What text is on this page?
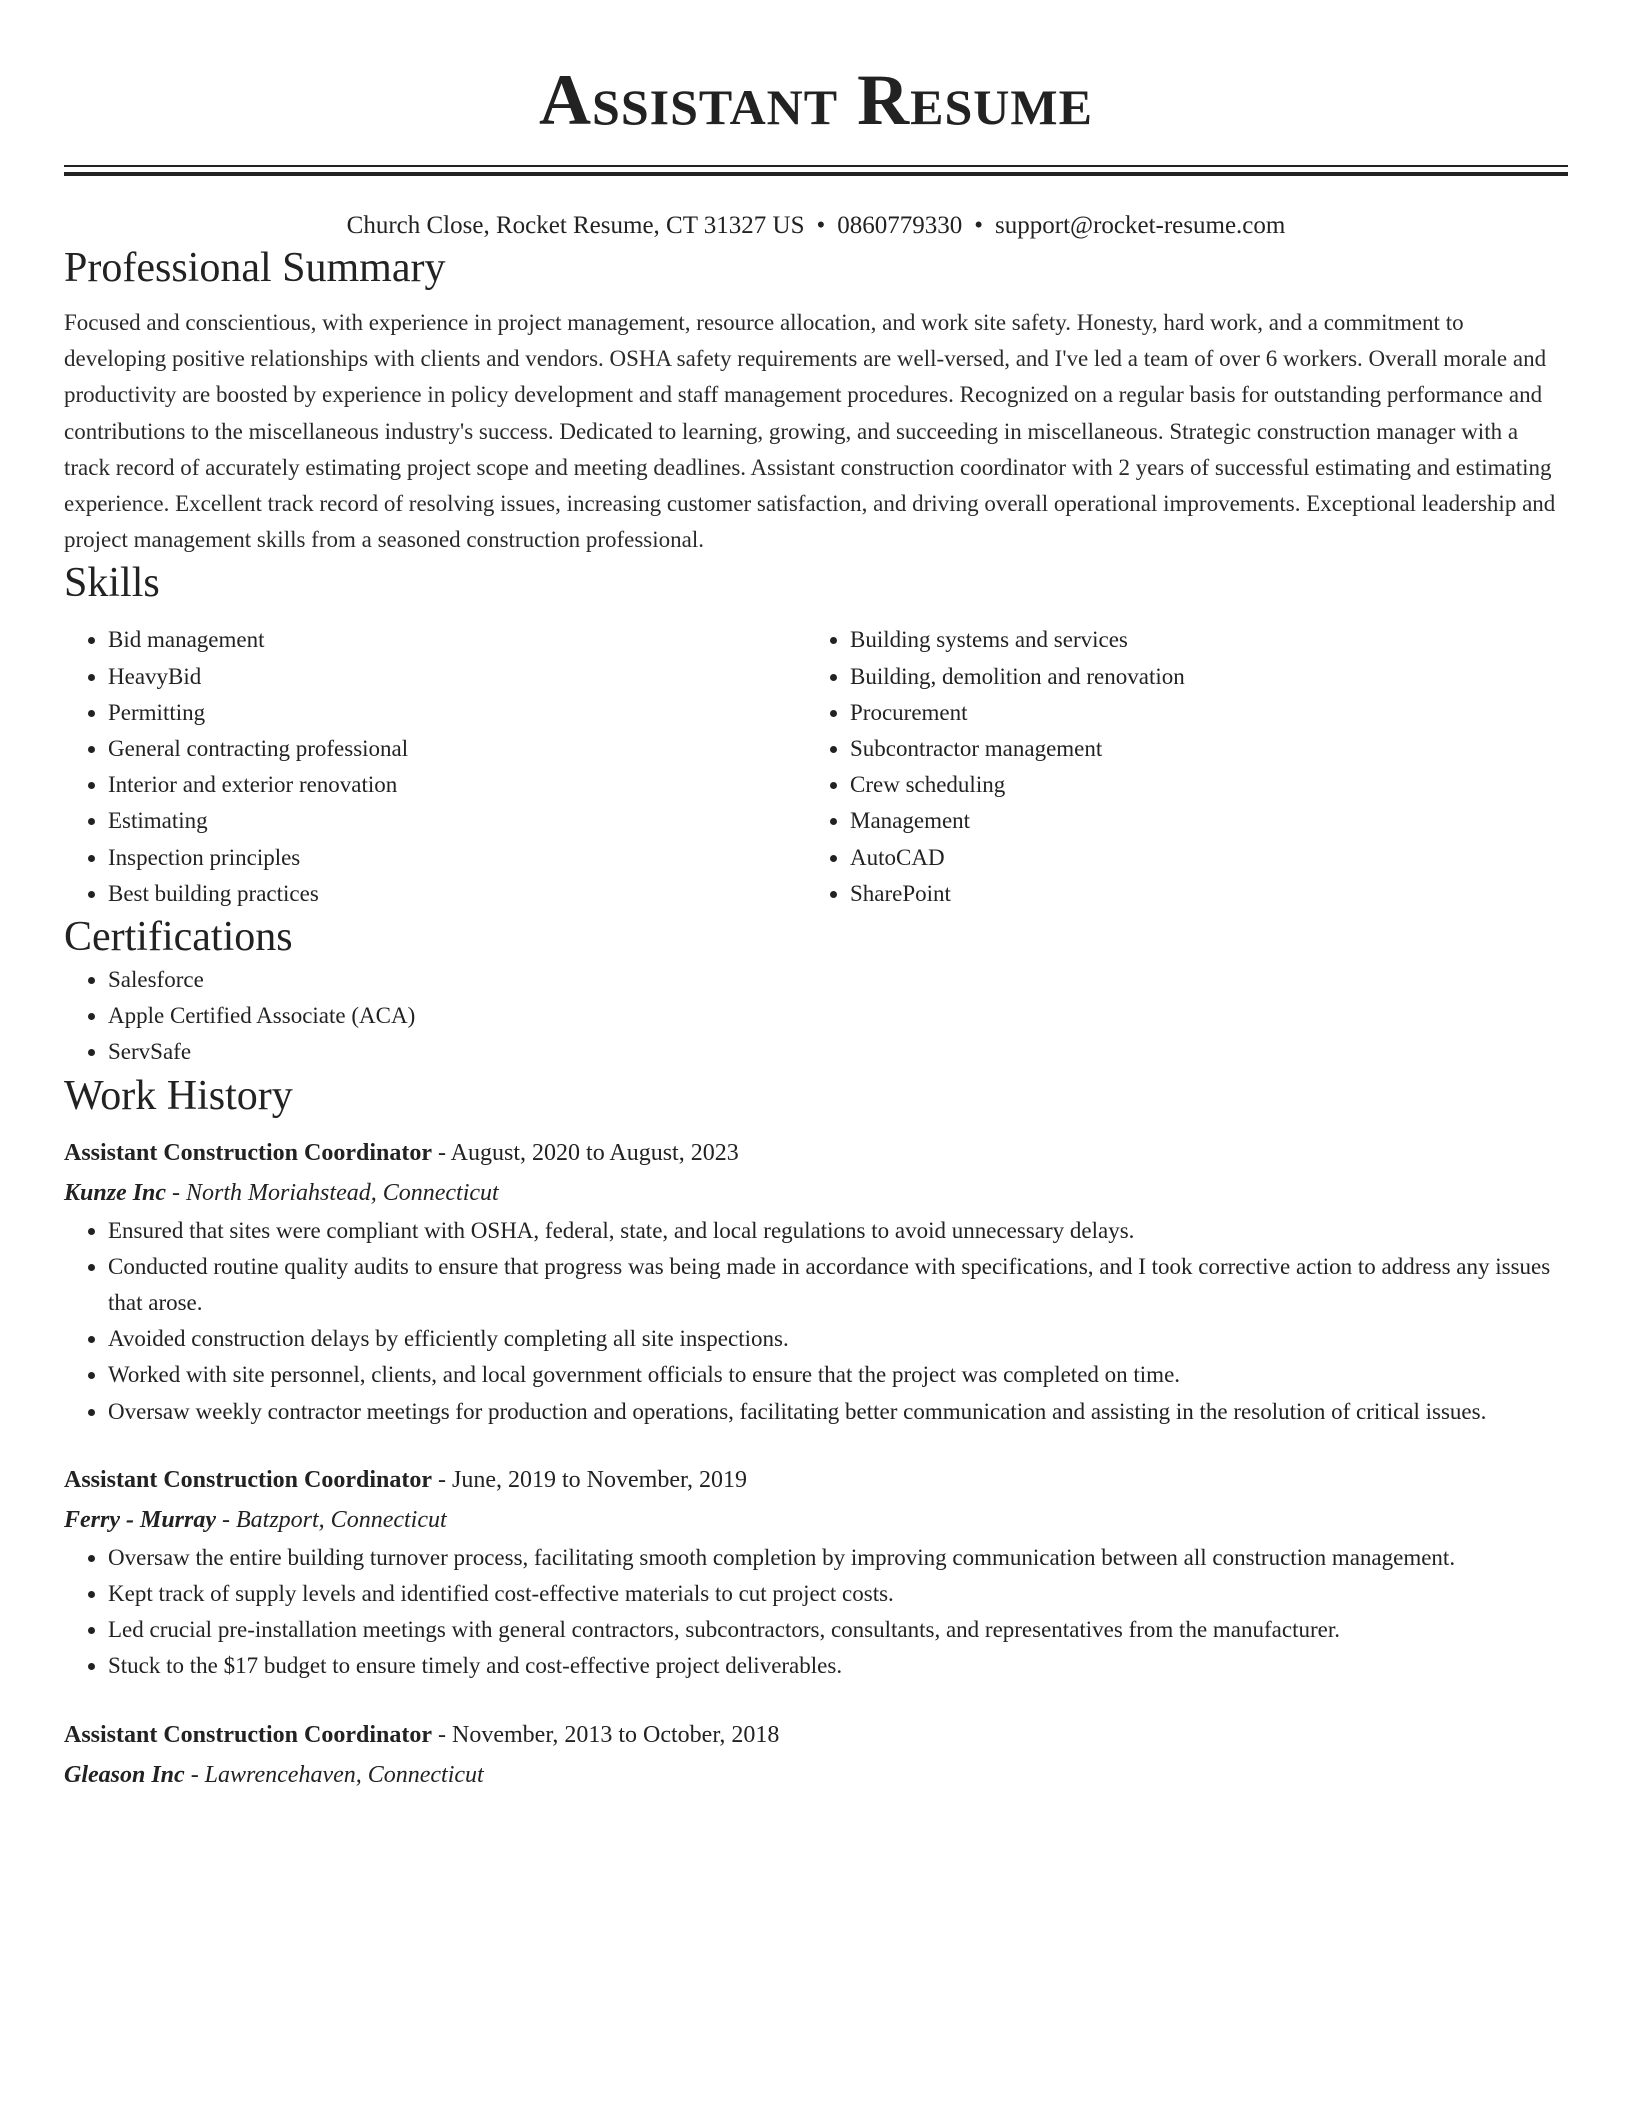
Assistant Resume
Church Close, Rocket Resume, CT 31327 US • 0860779330 • support@rocket-resume.com
Professional Summary

Focused and conscientious, with experience in project management, resource allocation, and work site safety. Honesty, hard work, and a commitment to developing positive relationships with clients and vendors. OSHA safety requirements are well-versed, and I've led a team of over 6 workers. Overall morale and productivity are boosted by experience in policy development and staff management procedures. Recognized on a regular basis for outstanding performance and contributions to the miscellaneous industry's success. Dedicated to learning, growing, and succeeding in miscellaneous. Strategic construction manager with a track record of accurately estimating project scope and meeting deadlines. Assistant construction coordinator with 2 years of successful estimating and estimating experience. Excellent track record of resolving issues, increasing customer satisfaction, and driving overall operational improvements. Exceptional leadership and project management skills from a seasoned construction professional.

Skills
• Bid management
• HeavyBid
• Permitting
• General contracting professional
• Interior and exterior renovation
• Estimating
• Inspection principles
• Best building practices
• Building systems and services
• Building, demolition and renovation
• Procurement
• Subcontractor management
• Crew scheduling
• Management
• AutoCAD
• SharePoint
Certifications
• Salesforce
• Apple Certified Associate (ACA)
• ServSafe
Work History
Assistant Construction Coordinator - August, 2020 to August, 2023
Kunze Inc - North Moriahstead, Connecticut
• Ensured that sites were compliant with OSHA, federal, state, and local regulations to avoid unnecessary delays.
• Conducted routine quality audits to ensure that progress was being made in accordance with specifications, and I took corrective action to address any issues that arose.
• Avoided construction delays by efficiently completing all site inspections.
• Worked with site personnel, clients, and local government officials to ensure that the project was completed on time.
• Oversaw weekly contractor meetings for production and operations, facilitating better communication and assisting in the resolution of critical issues.
Assistant Construction Coordinator - June, 2019 to November, 2019
Ferry - Murray - Batzport, Connecticut
• Oversaw the entire building turnover process, facilitating smooth completion by improving communication between all construction management.
• Kept track of supply levels and identified cost-effective materials to cut project costs.
• Led crucial pre-installation meetings with general contractors, subcontractors, consultants, and representatives from the manufacturer.
• Stuck to the $17 budget to ensure timely and cost-effective project deliverables.
Assistant Construction Coordinator - November, 2013 to October, 2018
Gleason Inc - Lawrencehaven, Connecticut
